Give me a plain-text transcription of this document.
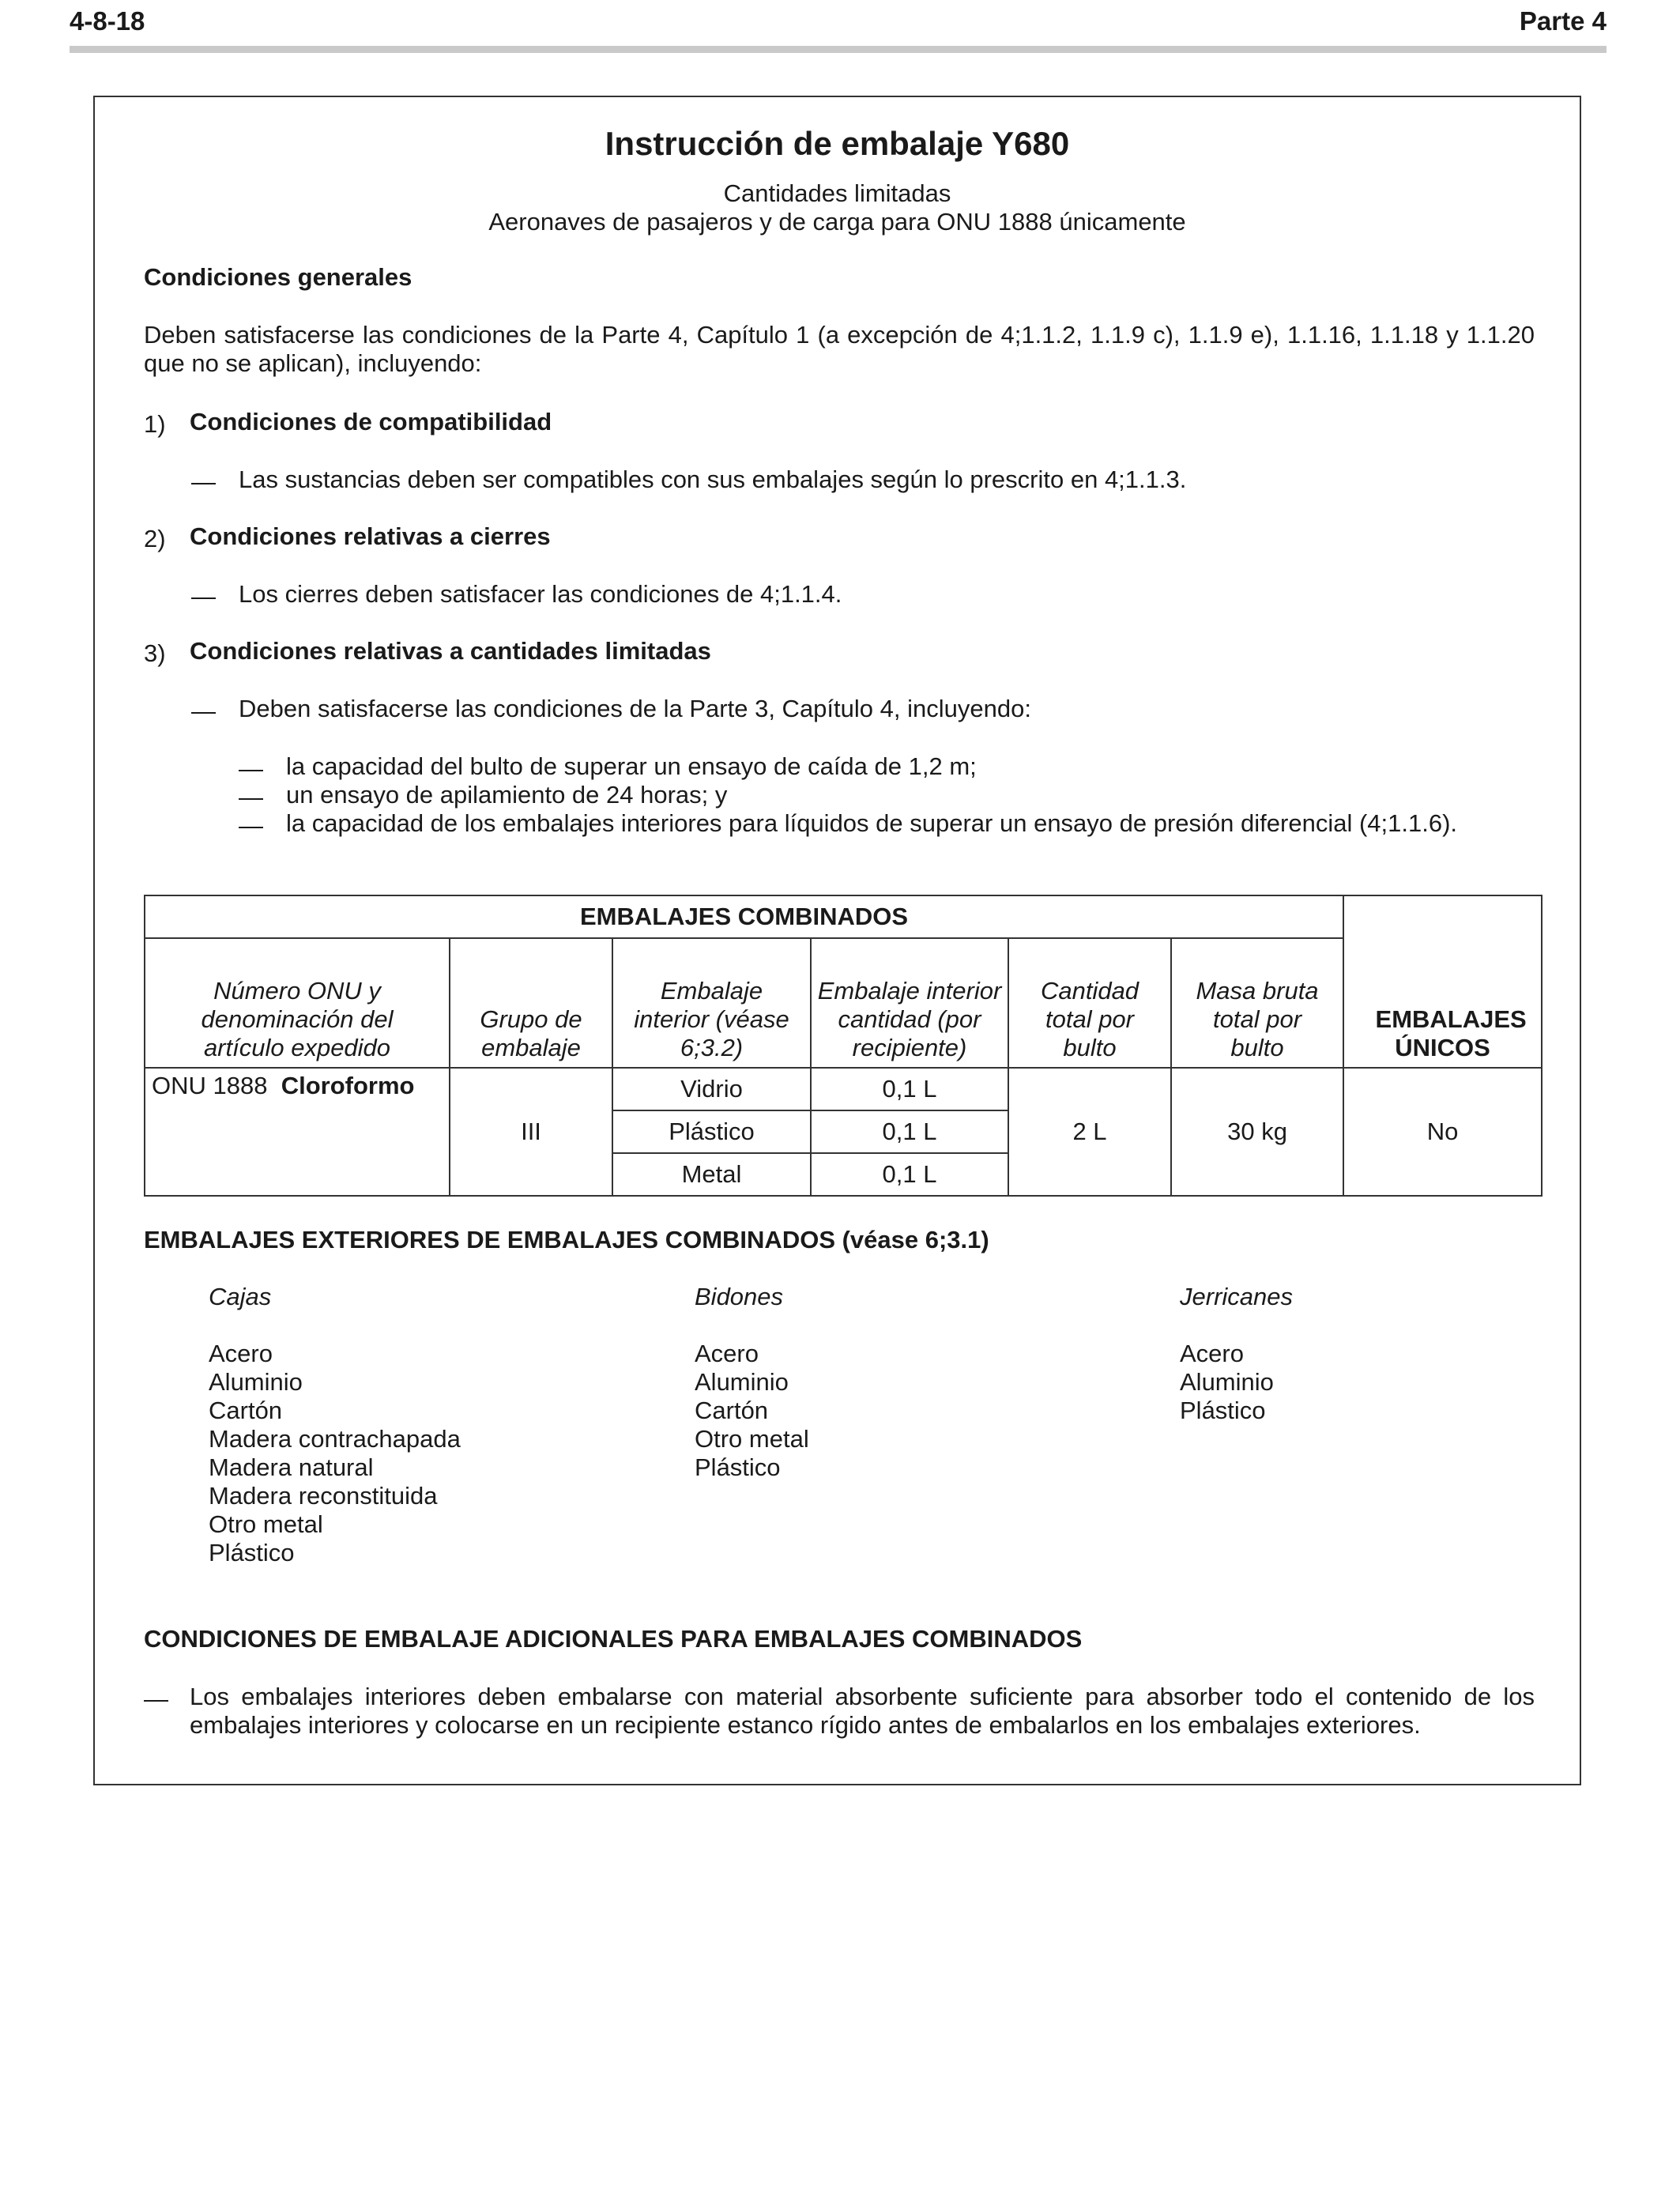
4-8-18	Parte 4
Instrucción de embalaje Y680
Cantidades limitadas
Aeronaves de pasajeros y de carga para ONU 1888 únicamente
Condiciones generales
Deben satisfacerse las condiciones de la Parte 4, Capítulo 1 (a excepción de 4;1.1.2, 1.1.9 c), 1.1.9 e), 1.1.16, 1.1.18 y 1.1.20 que no se aplican), incluyendo:
1) Condiciones de compatibilidad
— Las sustancias deben ser compatibles con sus embalajes según lo prescrito en 4;1.1.3.
2) Condiciones relativas a cierres
— Los cierres deben satisfacer las condiciones de 4;1.1.4.
3) Condiciones relativas a cantidades limitadas
— Deben satisfacerse las condiciones de la Parte 3, Capítulo 4, incluyendo:
— la capacidad del bulto de superar un ensayo de caída de 1,2 m;
— un ensayo de apilamiento de 24 horas; y
— la capacidad de los embalajes interiores para líquidos de superar un ensayo de presión diferencial (4;1.1.6).
EMBALAJES COMBINADOS						EMBALAJES ÚNICOS

Número ONU y denominación del artículo expedido	Grupo de embalaje	Embalaje interior (véase 6;3.2)	Embalaje interior cantidad (por recipiente)	Cantidad total por bulto	Masa bruta total por bulto	

ONU 1888 Cloroformo	III	Vidrio	0,1 L	2 L	30 kg	No
		Plástico	0,1 L			
		Metal	0,1 L			
EMBALAJES EXTERIORES DE EMBALAJES COMBINADOS (véase 6;3.1)
Cajas
Acero
Aluminio
Cartón
Madera contrachapada
Madera natural
Madera reconstituida
Otro metal
Plástico
Bidones
Acero
Aluminio
Cartón
Otro metal
Plástico
Jerricanes
Acero
Aluminio
Plástico
CONDICIONES DE EMBALAJE ADICIONALES PARA EMBALAJES COMBINADOS
— Los embalajes interiores deben embalarse con material absorbente suficiente para absorber todo el contenido de los embalajes interiores y colocarse en un recipiente estanco rígido antes de embalarlos en los embalajes exteriores.
